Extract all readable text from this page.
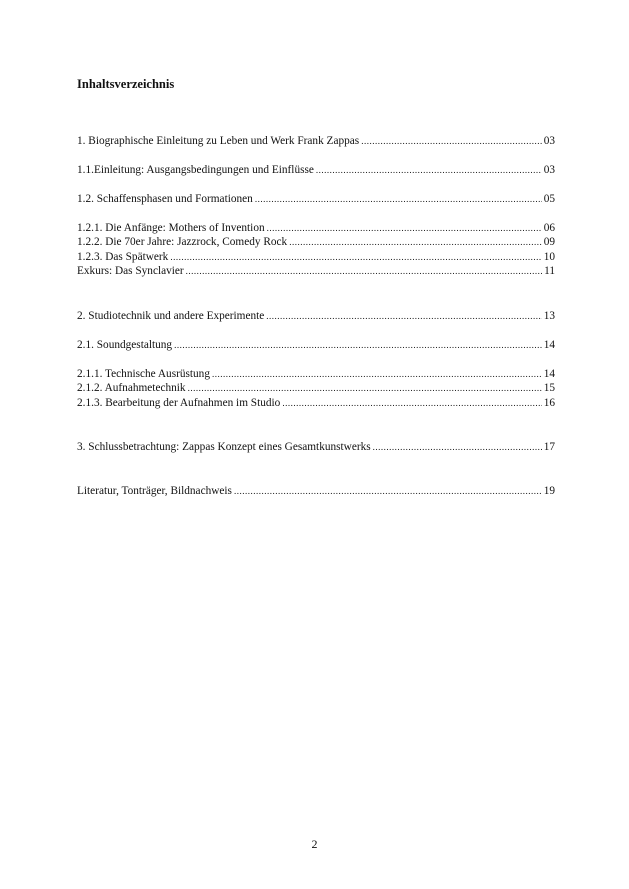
Inhaltsverzeichnis
1. Biographische Einleitung zu Leben und Werk Frank Zappas .....	03
1.1.Einleitung: Ausgangsbedingungen und Einflüsse .....	03
1.2. Schaffensphasen und Formationen .....	05
1.2.1. Die Anfänge: Mothers of Invention .....	06
1.2.2. Die 70er Jahre: Jazzrock, Comedy Rock .....	09
1.2.3. Das Spätwerk .....	10
Exkurs: Das Synclavier .....	11
2. Studiotechnik und andere Experimente .....	13
2.1. Soundgestaltung .....	14
2.1.1. Technische Ausrüstung .....	14
2.1.2. Aufnahmetechnik .....	15
2.1.3. Bearbeitung der Aufnahmen im Studio .....	16
3. Schlussbetrachtung: Zappas Konzept eines Gesamtkunstwerks .....	17
Literatur, Tonträger, Bildnachweis .....	19
2
